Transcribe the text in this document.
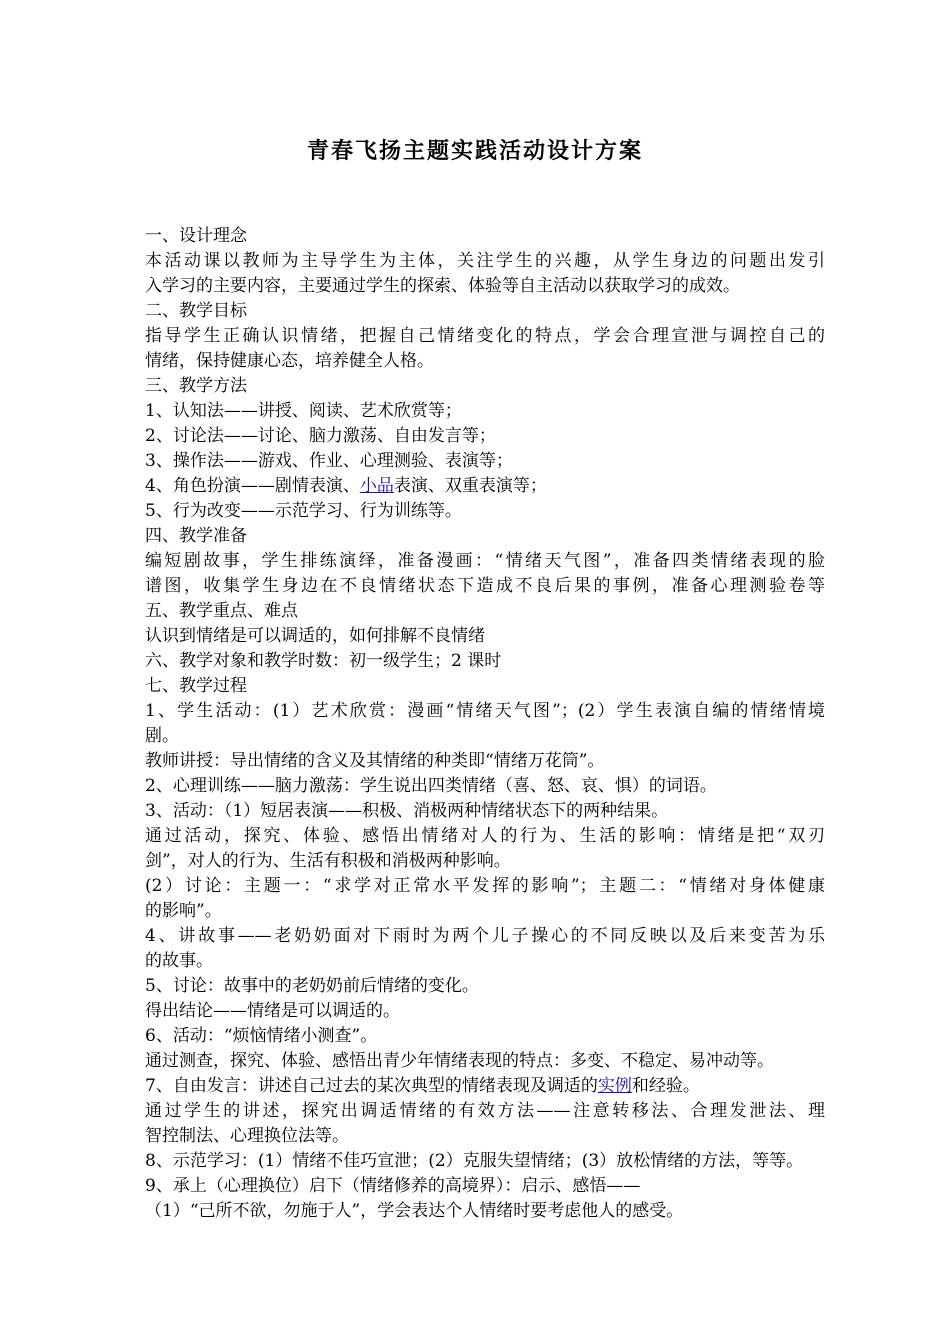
青春飞扬主题实践活动设计方案
一、设计理念
本活动课以教师为主导学生为主体，关注学生的兴趣，从学生身边的问题出发引
入学习的主要内容，主要通过学生的探索、体验等自主活动以获取学习的成效。
二、教学目标
指导学生正确认识情绪，把握自己情绪变化的特点，学会合理宣泄与调控自己的
情绪，保持健康心态，培养健全人格。
三、教学方法
1、认知法——讲授、阅读、艺术欣赏等；
2、讨论法——讨论、脑力激荡、自由发言等；
3、操作法——游戏、作业、心理测验、表演等；
4、角色扮演——剧情表演、小品表演、双重表演等；
5、行为改变——示范学习、行为训练等。
四、教学准备
编短剧故事，学生排练演绎，准备漫画：“情绪天气图”，准备四类情绪表现的脸
谱图，收集学生身边在不良情绪状态下造成不良后果的事例，准备心理测验卷等
五、教学重点、难点
认识到情绪是可以调适的，如何排解不良情绪
六、教学对象和教学时数：初一级学生；2 课时
七、教学过程
1、学生活动：(1）艺术欣赏：漫画“情绪天气图”；(2）学生表演自编的情绪情境
剧。
教师讲授：导出情绪的含义及其情绪的种类即“情绪万花筒”。
2、心理训练——脑力激荡：学生说出四类情绪（喜、怒、哀、惧）的词语。
3、活动：（1）短居表演——积极、消极两种情绪状态下的两种结果。
通过活动，探究、体验、感悟出情绪对人的行为、生活的影响：情绪是把“双刃
剑”，对人的行为、生活有积极和消极两种影响。
(2）讨论：主题一：“求学对正常水平发挥的影响”；主题二：“情绪对身体健康
的影响”。
4、讲故事——老奶奶面对下雨时为两个儿子操心的不同反映以及后来变苦为乐
的故事。
5、讨论：故事中的老奶奶前后情绪的变化。
得出结论——情绪是可以调适的。
6、活动：“烦恼情绪小测查”。
通过测查，探究、体验、感悟出青少年情绪表现的特点：多变、不稳定、易冲动等。
7、自由发言：讲述自己过去的某次典型的情绪表现及调适的实例和经验。
通过学生的讲述，探究出调适情绪的有效方法——注意转移法、合理发泄法、理
智控制法、心理换位法等。
8、示范学习：(1）情绪不佳巧宣泄；(2）克服失望情绪；(3）放松情绪的方法，等等。
9、承上（心理换位）启下（情绪修养的高境界）：启示、感悟——
（1）“己所不欲，勿施于人”，学会表达个人情绪时要考虑他人的感受。
